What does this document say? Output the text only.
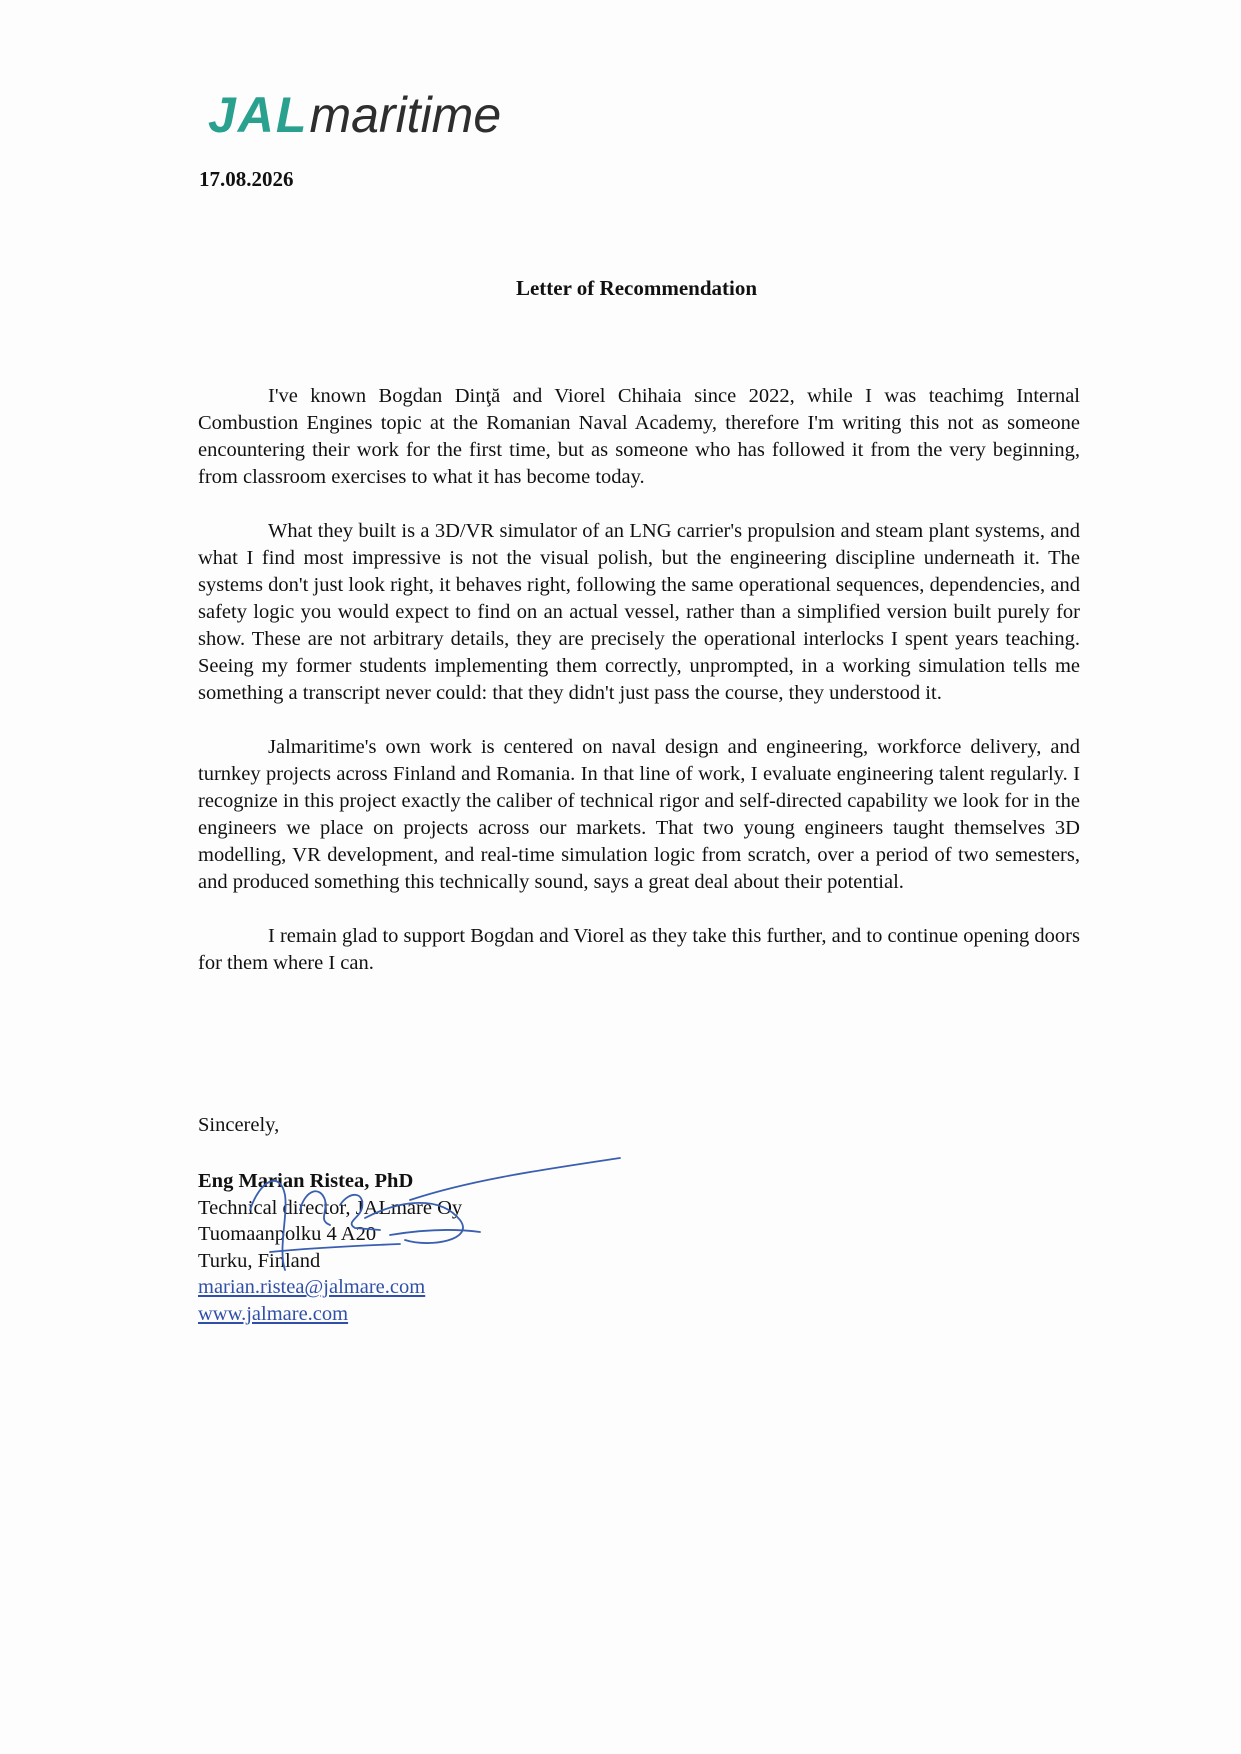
JAL maritime
17.08.2026
Letter of Recommendation

I've known Bogdan Dinţă and Viorel Chihaia since 2022, while I was teachimg Internal Combustion Engines topic at the Romanian Naval Academy, therefore I'm writing this not as someone encountering their work for the first time, but as someone who has followed it from the very beginning, from classroom exercises to what it has become today.

What they built is a 3D/VR simulator of an LNG carrier's propulsion and steam plant systems, and what I find most impressive is not the visual polish, but the engineering discipline underneath it. The systems don't just look right, it behaves right, following the same operational sequences, dependencies, and safety logic you would expect to find on an actual vessel, rather than a simplified version built purely for show. These are not arbitrary details, they are precisely the operational interlocks I spent years teaching. Seeing my former students implementing them correctly, unprompted, in a working simulation tells me something a transcript never could: that they didn't just pass the course, they understood it.

Jalmaritime's own work is centered on naval design and engineering, workforce delivery, and turnkey projects across Finland and Romania. In that line of work, I evaluate engineering talent regularly. I recognize in this project exactly the caliber of technical rigor and self-directed capability we look for in the engineers we place on projects across our markets. That two young engineers taught themselves 3D modelling, VR development, and real-time simulation logic from scratch, over a period of two semesters, and produced something this technically sound, says a great deal about their potential.

I remain glad to support Bogdan and Viorel as they take this further, and to continue opening doors for them where I can.

Sincerely,
Eng Marian Ristea, PhD
Technical director, JALmare Oy
Tuomaanpolku 4 A20
Turku, Finland
marian.ristea@jalmare.com
www.jalmare.com
